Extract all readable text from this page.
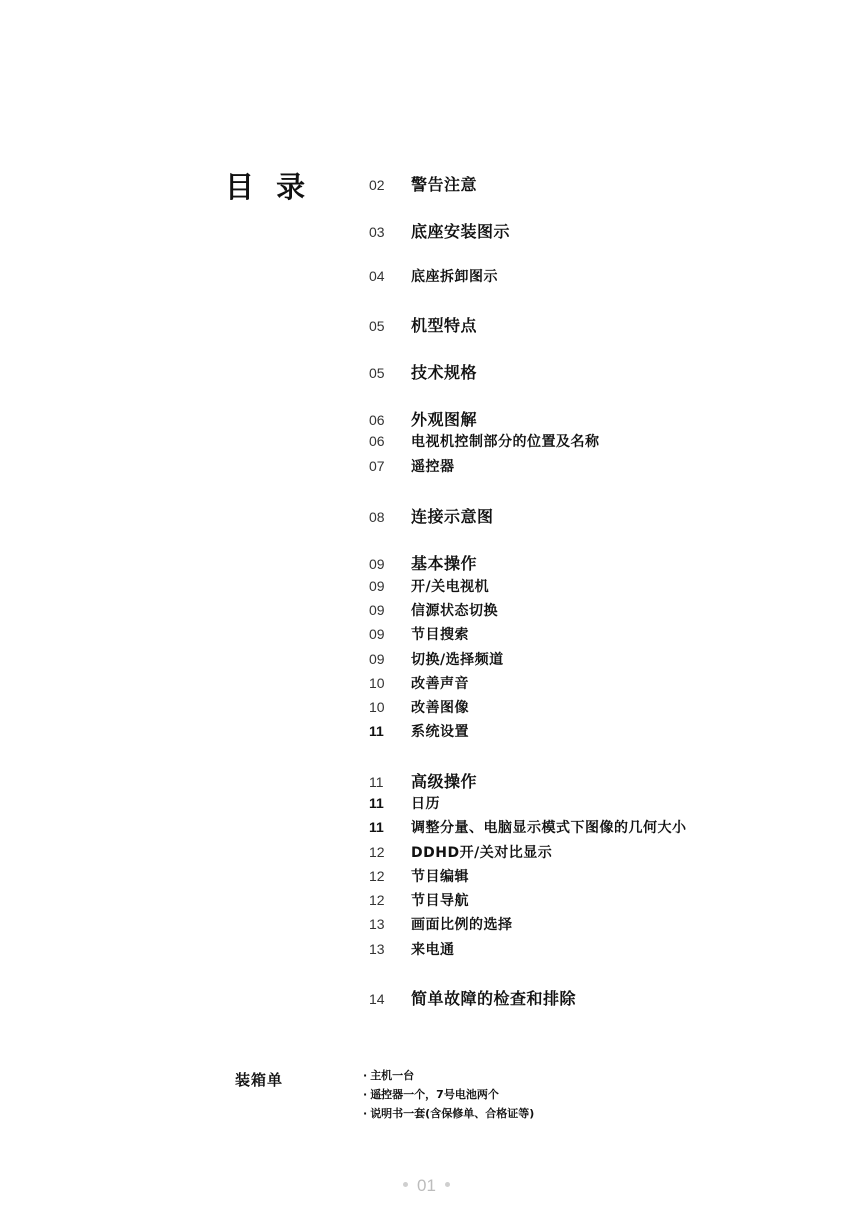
目 录	02	警告注意
03	底座安装图示
04	底座拆卸图示
05	机型特点
05	技术规格
06	外观图解
06	电视机控制部分的位置及名称
07	遥控器
08	连接示意图
09	基本操作
09	开/关电视机
09	信源状态切换
09	节目搜索
09	切换/选择频道
10	改善声音
10	改善图像
11	系统设置
11	高级操作
11	日历
11	调整分量、电脑显示模式下图像的几何大小
12	DDHD开/关对比显示
12	节目编辑
12	节目导航
13	画面比例的选择
13	来电通
14	简单故障的检查和排除
装箱单
·	主机一台
· 遥控器一个，7号电池两个
· 说明书一套(含保修单、合格证等)
01
